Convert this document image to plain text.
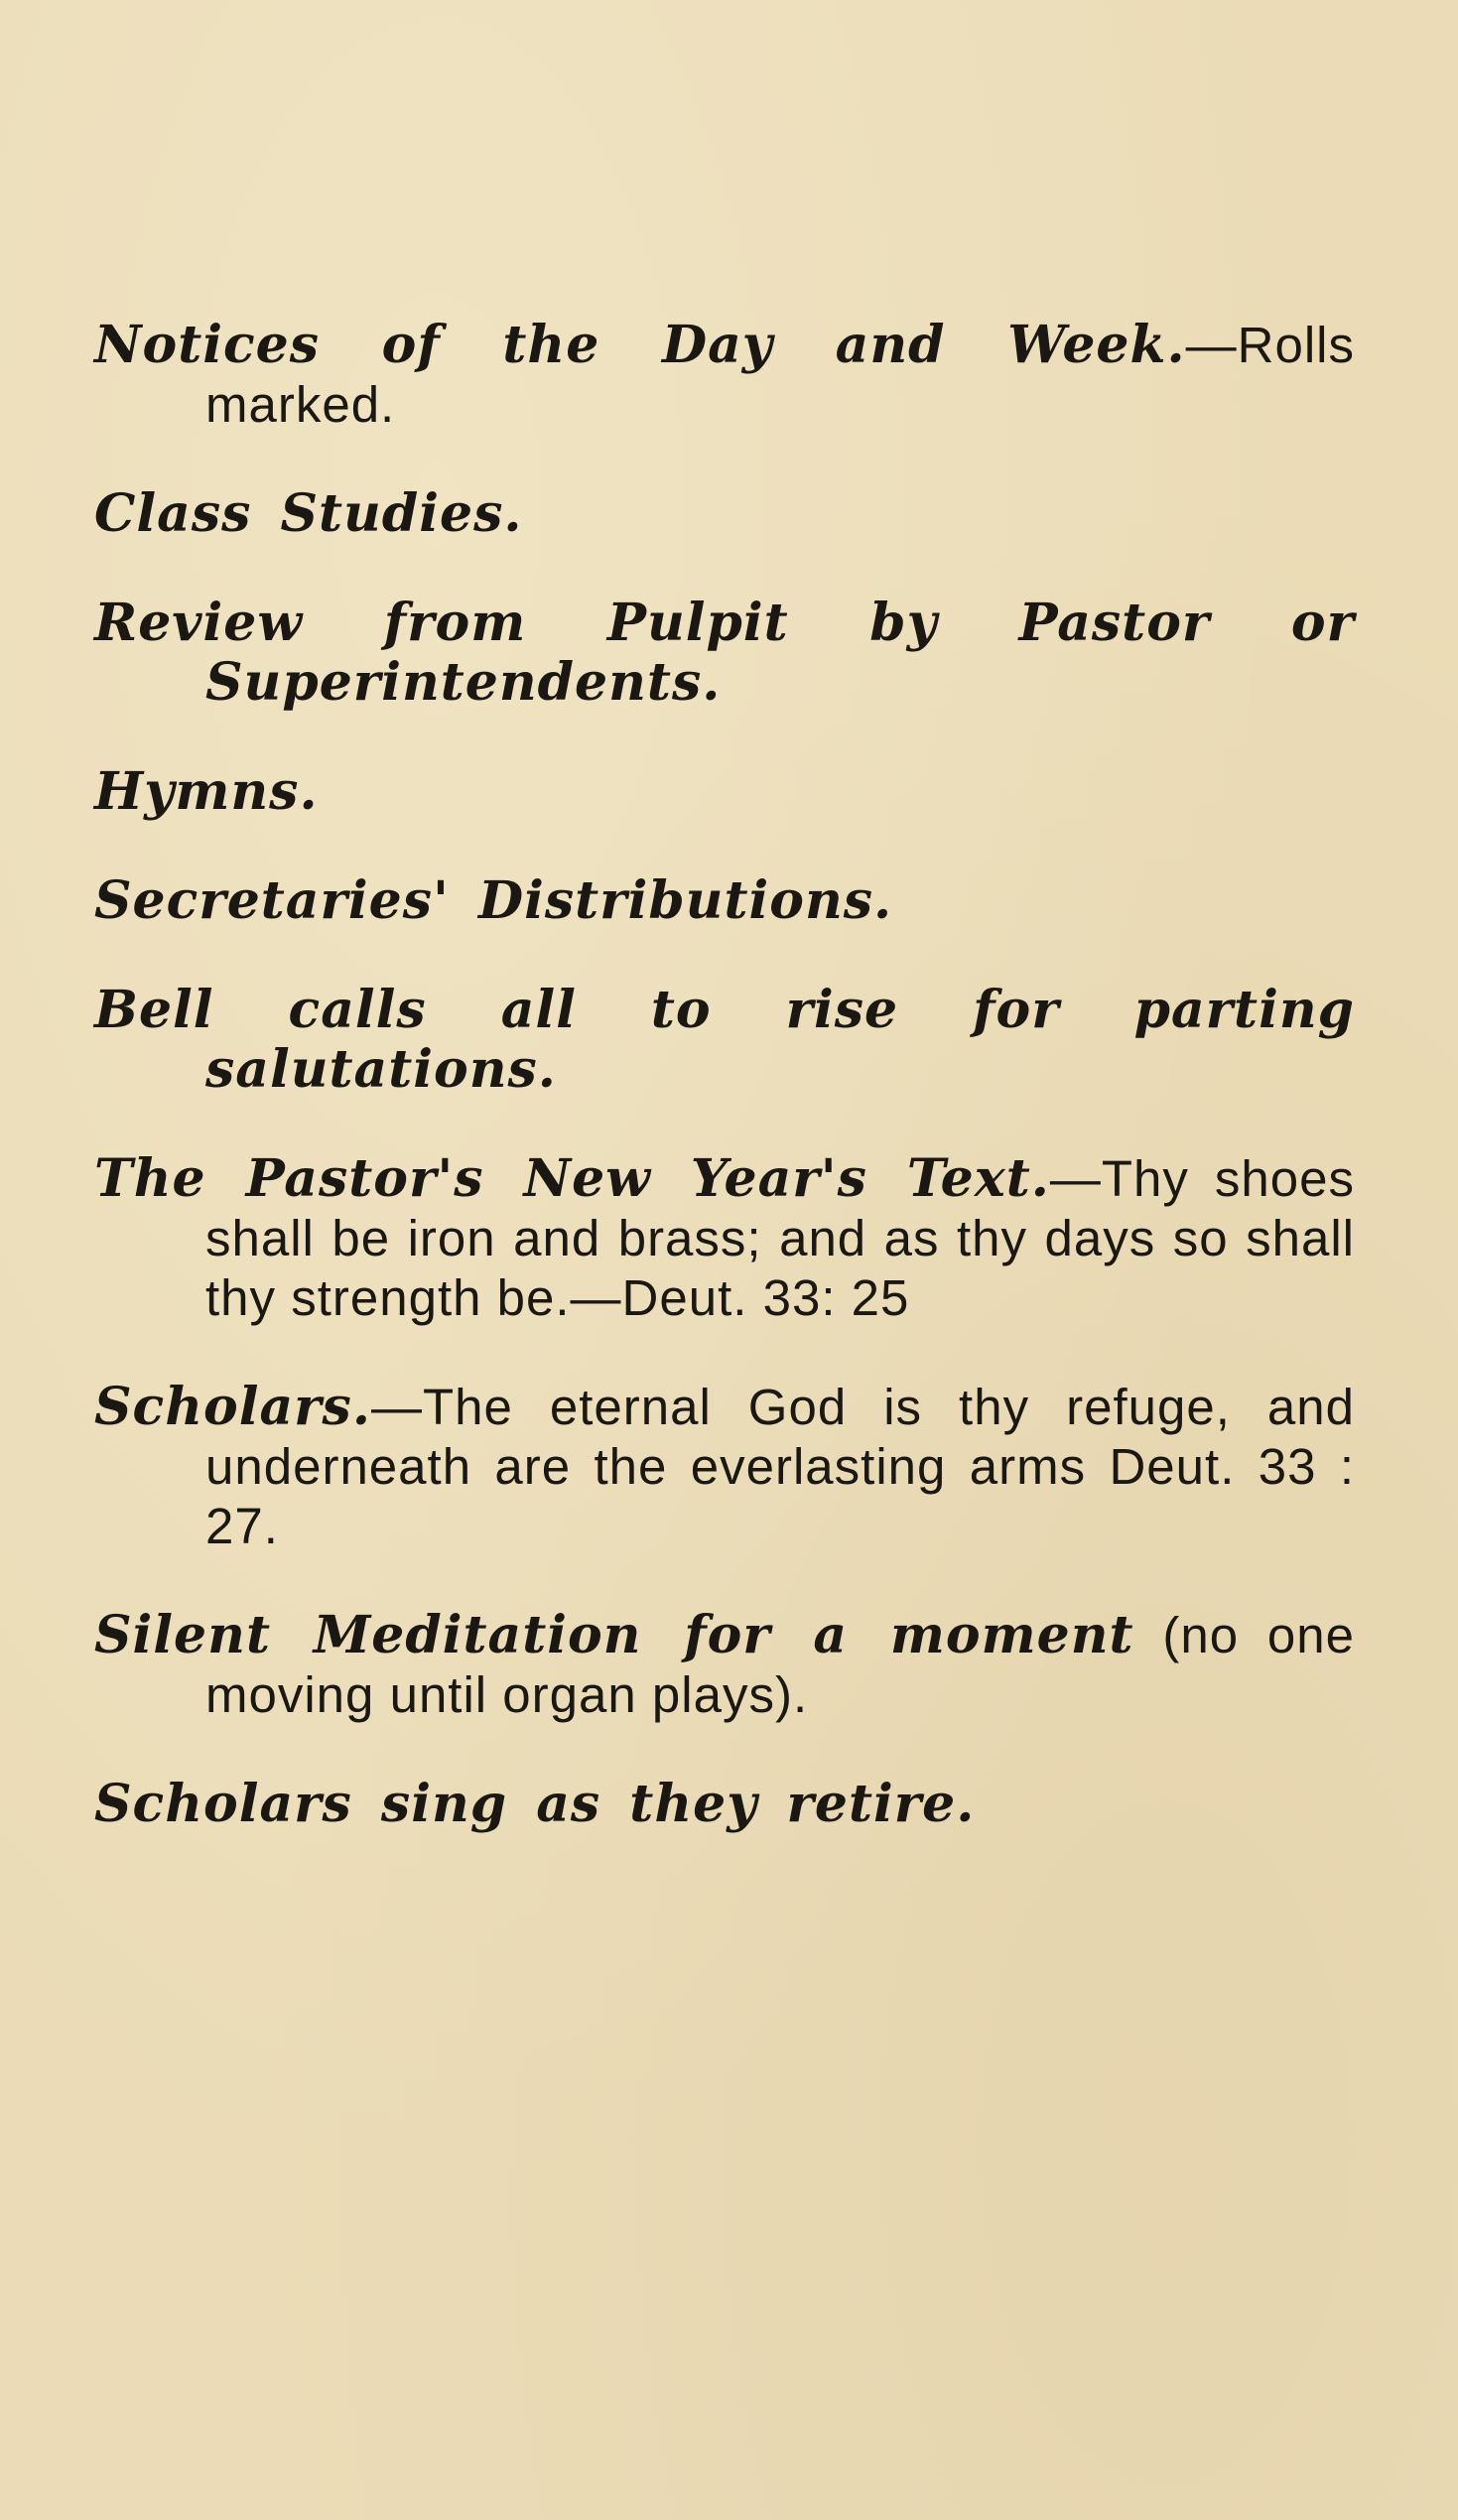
Notices of the Day and Week.—Rolls marked.

Class Studies.

Review from Pulpit by Pastor or Superintendents.

Hymns.

Secretaries' Distributions.

Bell calls all to rise for parting salutations.

The Pastor's New Year's Text.—Thy shoes shall be iron and brass; and as thy days so shall thy strength be.—Deut. 33: 25

Scholars.—The eternal God is thy refuge, and underneath are the everlasting arms Deut. 33 : 27.

Silent Meditation for a moment (no one moving until organ plays).

Scholars sing as they retire.
